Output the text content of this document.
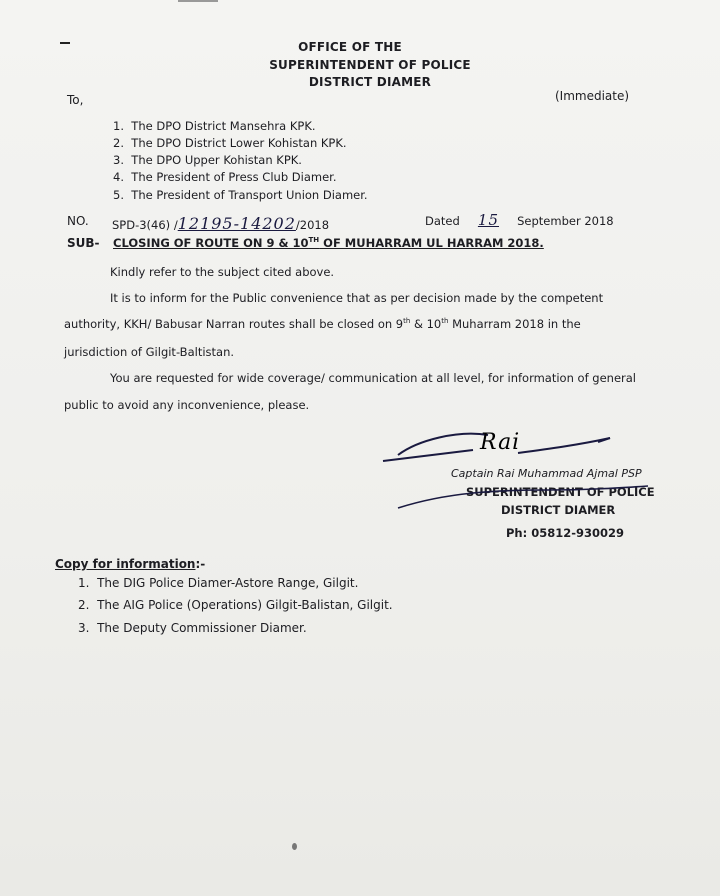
OFFICE OF THE
SUPERINTENDENT OF POLICE
DISTRICT DIAMER
To,	(Immediate)
1. The DPO District Mansehra KPK.
2. The DPO District Lower Kohistan KPK.
3. The DPO Upper Kohistan KPK.
4. The President of Press Club Diamer.
5. The President of Transport Union Diamer.
NO. SPD-3(46) /12195-14202/2018	Dated 15 September 2018
SUB- CLOSING OF ROUTE ON 9 & 10TH OF MUHARRAM UL HARRAM 2018.
Kindly refer to the subject cited above.
It is to inform for the Public convenience that as per decision made by the competent
authority, KKH/ Babusar Narran routes shall be closed on 9th & 10th Muharram 2018 in the
jurisdiction of Gilgit-Baltistan.
You are requested for wide coverage/ communication at all level, for information of general
public to avoid any inconvenience, please.
Rai
Captain Rai Muhammad Ajmal PSP
SUPERINTENDENT OF POLICE
DISTRICT DIAMER
Ph: 05812-930029
Copy for information:-
1. The DIG Police Diamer-Astore Range, Gilgit.
2. The AIG Police (Operations) Gilgit-Balistan, Gilgit.
3. The Deputy Commissioner Diamer.
